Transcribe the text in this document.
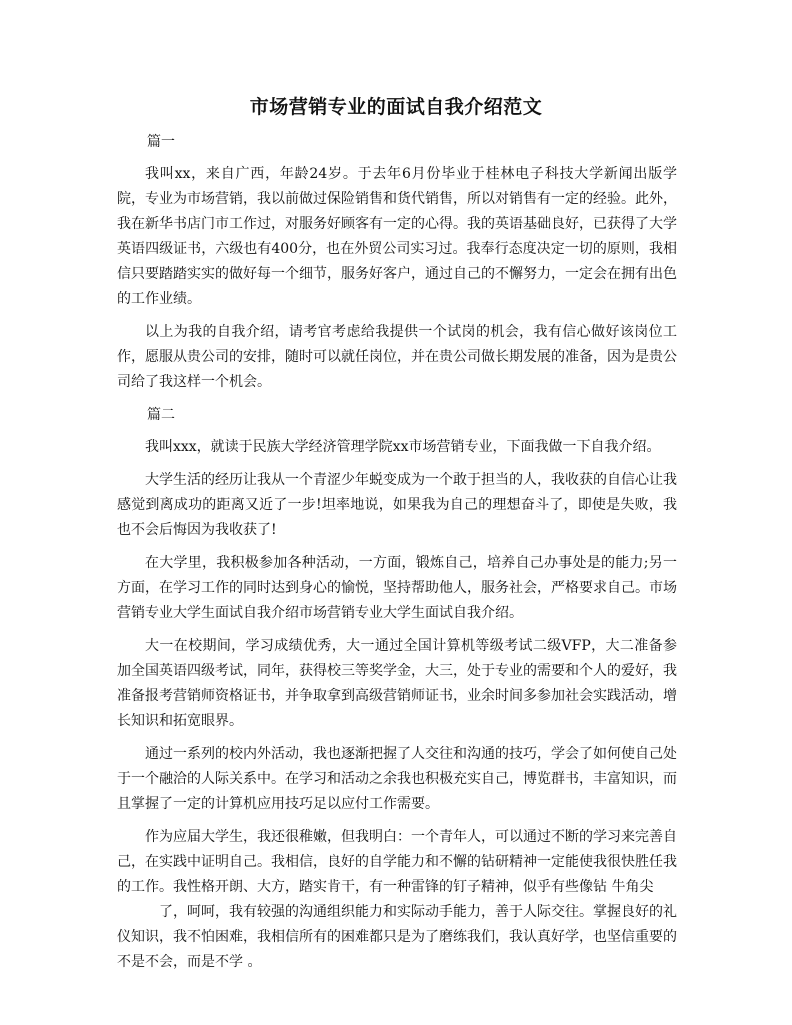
市场营销专业的面试自我介绍范文
篇一

我叫xx，来自广西，年龄24岁。于去年6月份毕业于桂林电子科技大学新闻出版学院，专业为市场营销，我以前做过保险销售和货代销售，所以对销售有一定的经验。此外，我在新华书店门市工作过，对服务好顾客有一定的心得。我的英语基础良好，已获得了大学英语四级证书，六级也有400分，也在外贸公司实习过。我奉行态度决定一切的原则，我相信只要踏踏实实的做好每一个细节，服务好客户，通过自己的不懈努力，一定会在拥有出色的工作业绩。

以上为我的自我介绍，请考官考虑给我提供一个试岗的机会，我有信心做好该岗位工作，愿服从贵公司的安排，随时可以就任岗位，并在贵公司做长期发展的准备，因为是贵公司给了我这样一个机会。

篇二

我叫xxx，就读于民族大学经济管理学院xx市场营销专业，下面我做一下自我介绍。

大学生活的经历让我从一个青涩少年蜕变成为一个敢于担当的人，我收获的自信心让我感觉到离成功的距离又近了一步!坦率地说，如果我为自己的理想奋斗了，即使是失败，我也不会后悔因为我收获了!

在大学里，我积极参加各种活动，一方面，锻炼自己，培养自己办事处是的能力;另一方面，在学习工作的同时达到身心的愉悦，坚持帮助他人，服务社会，严格要求自己。市场营销专业大学生面试自我介绍市场营销专业大学生面试自我介绍。

大一在校期间，学习成绩优秀，大一通过全国计算机等级考试二级VFP，大二准备参加全国英语四级考试，同年，获得校三等奖学金，大三，处于专业的需要和个人的爱好，我准备报考营销师资格证书，并争取拿到高级营销师证书，业余时间多参加社会实践活动，增长知识和拓宽眼界。

通过一系列的校内外活动，我也逐渐把握了人交往和沟通的技巧，学会了如何使自己处于一个融洽的人际关系中。在学习和活动之余我也积极充实自己，博览群书，丰富知识，而且掌握了一定的计算机应用技巧足以应付工作需要。

作为应届大学生，我还很稚嫩，但我明白：一个青年人，可以通过不断的学习来完善自己，在实践中证明自己。我相信，良好的自学能力和不懈的钻研精神一定能使我很快胜任我的工作。我性格开朗、大方，踏实肯干，有一种雷锋的钉子精神，似乎有些像钻 牛角尖

了，呵呵，我有较强的沟通组织能力和实际动手能力，善于人际交往。掌握良好的礼仪知识，我不怕困难，我相信所有的困难都只是为了磨练我们，我认真好学，也坚信重要的不是不会，而是不学 。
